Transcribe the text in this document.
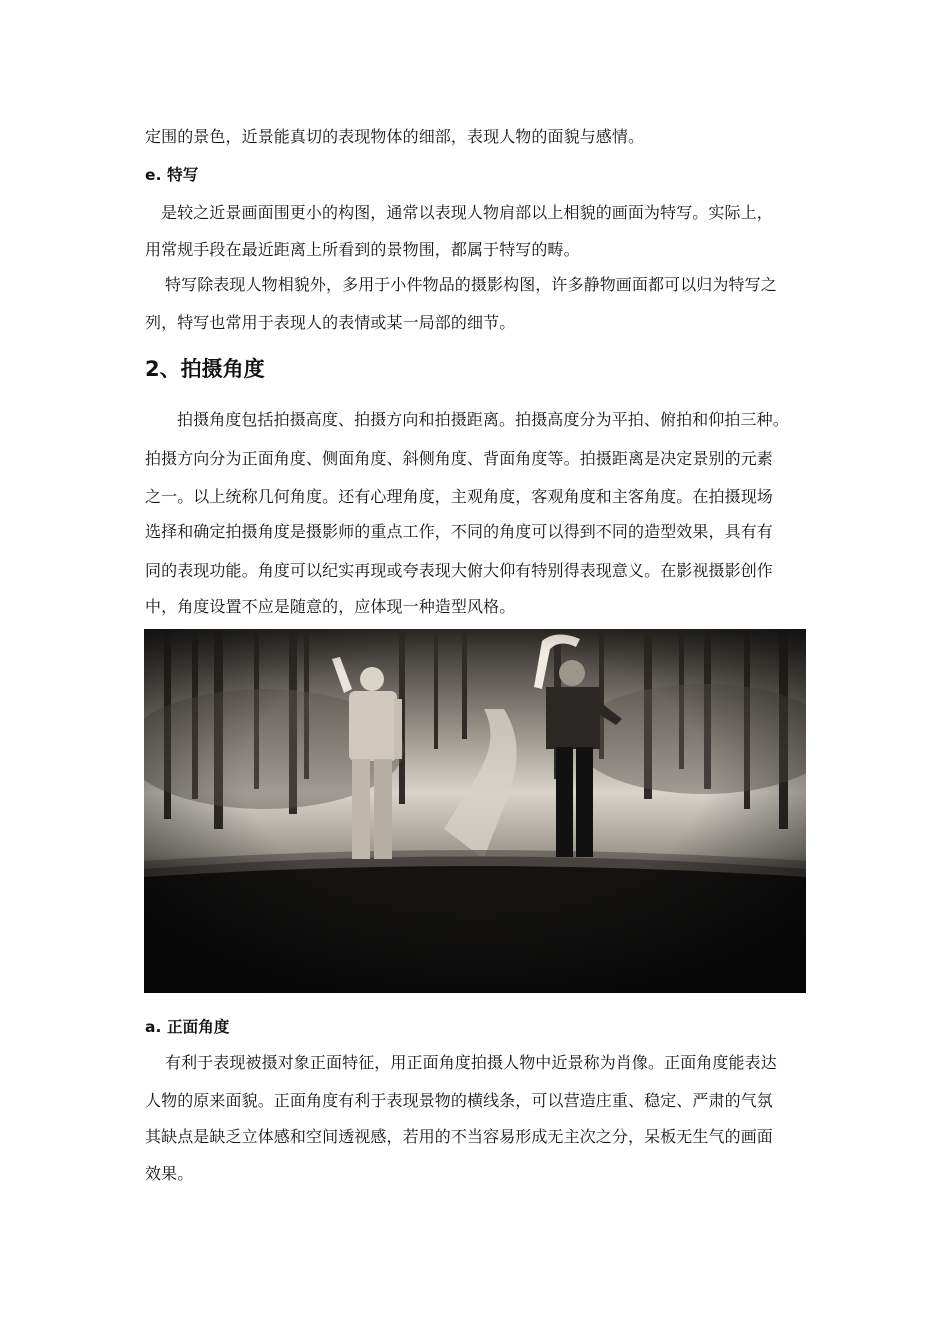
定围的景色，近景能真切的表现物体的细部，表现人物的面貌与感情。
e. 特写
是较之近景画面围更小的构图，通常以表现人物肩部以上相貌的画面为特写。实际上，
用常规手段在最近距离上所看到的景物围，都属于特写的畴。
特写除表现人物相貌外，多用于小件物品的摄影构图，许多静物画面都可以归为特写之
列，特写也常用于表现人的表情或某一局部的细节。
2、拍摄角度
拍摄角度包括拍摄高度、拍摄方向和拍摄距离。拍摄高度分为平拍、俯拍和仰拍三种。
拍摄方向分为正面角度、侧面角度、斜侧角度、背面角度等。拍摄距离是决定景别的元素
之一。以上统称几何角度。还有心理角度，主观角度，客观角度和主客角度。在拍摄现场
选择和确定拍摄角度是摄影师的重点工作，不同的角度可以得到不同的造型效果，具有有
同的表现功能。角度可以纪实再现或夸表现大俯大仰有特别得表现意义。在影视摄影创作
中，角度设置不应是随意的，应体现一种造型风格。
a. 正面角度
有利于表现被摄对象正面特征，用正面角度拍摄人物中近景称为肖像。正面角度能表达
人物的原来面貌。正面角度有利于表现景物的横线条，可以营造庄重、稳定、严肃的气氛
其缺点是缺乏立体感和空间透视感，若用的不当容易形成无主次之分，呆板无生气的画面
效果。
